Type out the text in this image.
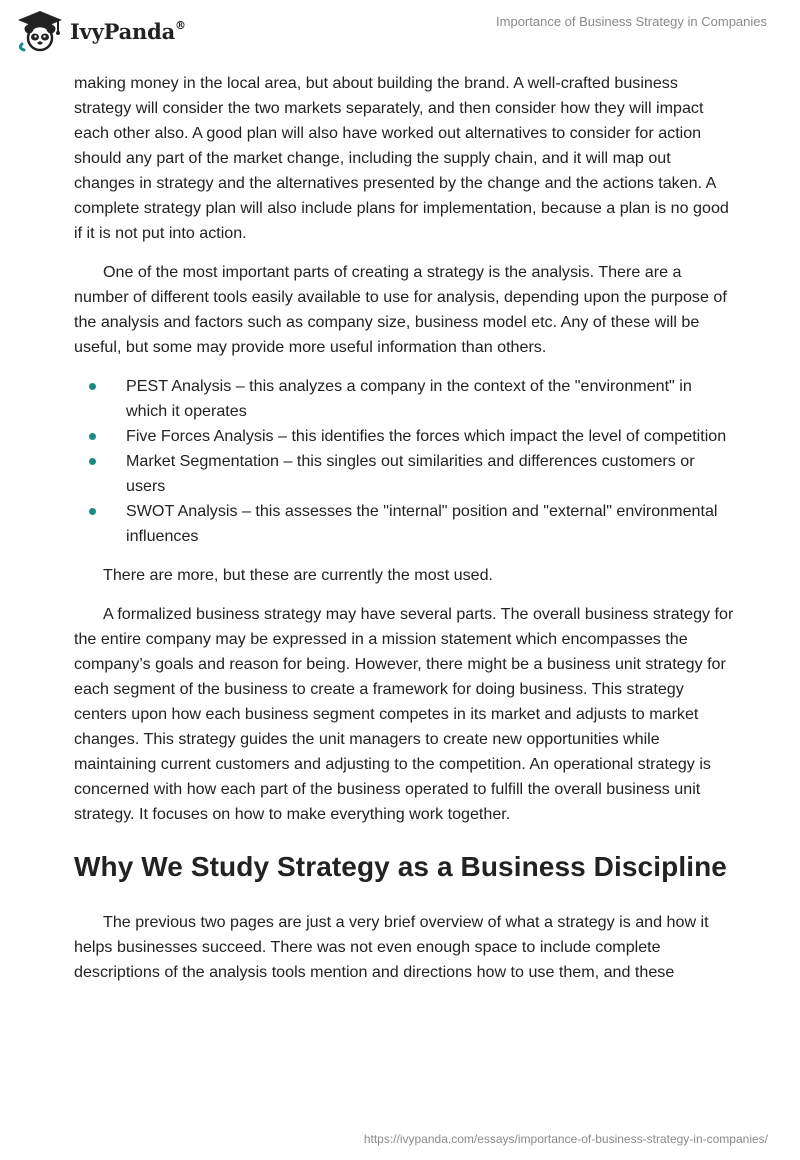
IvyPanda®	Importance of Business Strategy in Companies

making money in the local area, but about building the brand. A well-crafted business strategy will consider the two markets separately, and then consider how they will impact each other also. A good plan will also have worked out alternatives to consider for action should any part of the market change, including the supply chain, and it will map out changes in strategy and the alternatives presented by the change and the actions taken. A complete strategy plan will also include plans for implementation, because a plan is no good if it is not put into action.

One of the most important parts of creating a strategy is the analysis. There are a number of different tools easily available to use for analysis, depending upon the purpose of the analysis and factors such as company size, business model etc. Any of these will be useful, but some may provide more useful information than others.

PEST Analysis – this analyzes a company in the context of the "environment" in which it operates
Five Forces Analysis – this identifies the forces which impact the level of competition
Market Segmentation – this singles out similarities and differences customers or users
SWOT Analysis – this assesses the "internal" position and "external" environmental influences

There are more, but these are currently the most used.

A formalized business strategy may have several parts. The overall business strategy for the entire company may be expressed in a mission statement which encompasses the company’s goals and reason for being. However, there might be a business unit strategy for each segment of the business to create a framework for doing business. This strategy centers upon how each business segment competes in its market and adjusts to market changes. This strategy guides the unit managers to create new opportunities while maintaining current customers and adjusting to the competition. An operational strategy is concerned with how each part of the business operated to fulfill the overall business unit strategy. It focuses on how to make everything work together.

Why We Study Strategy as a Business Discipline

The previous two pages are just a very brief overview of what a strategy is and how it helps businesses succeed. There was not even enough space to include complete descriptions of the analysis tools mention and directions how to use them, and these

https://ivypanda.com/essays/importance-of-business-strategy-in-companies/
